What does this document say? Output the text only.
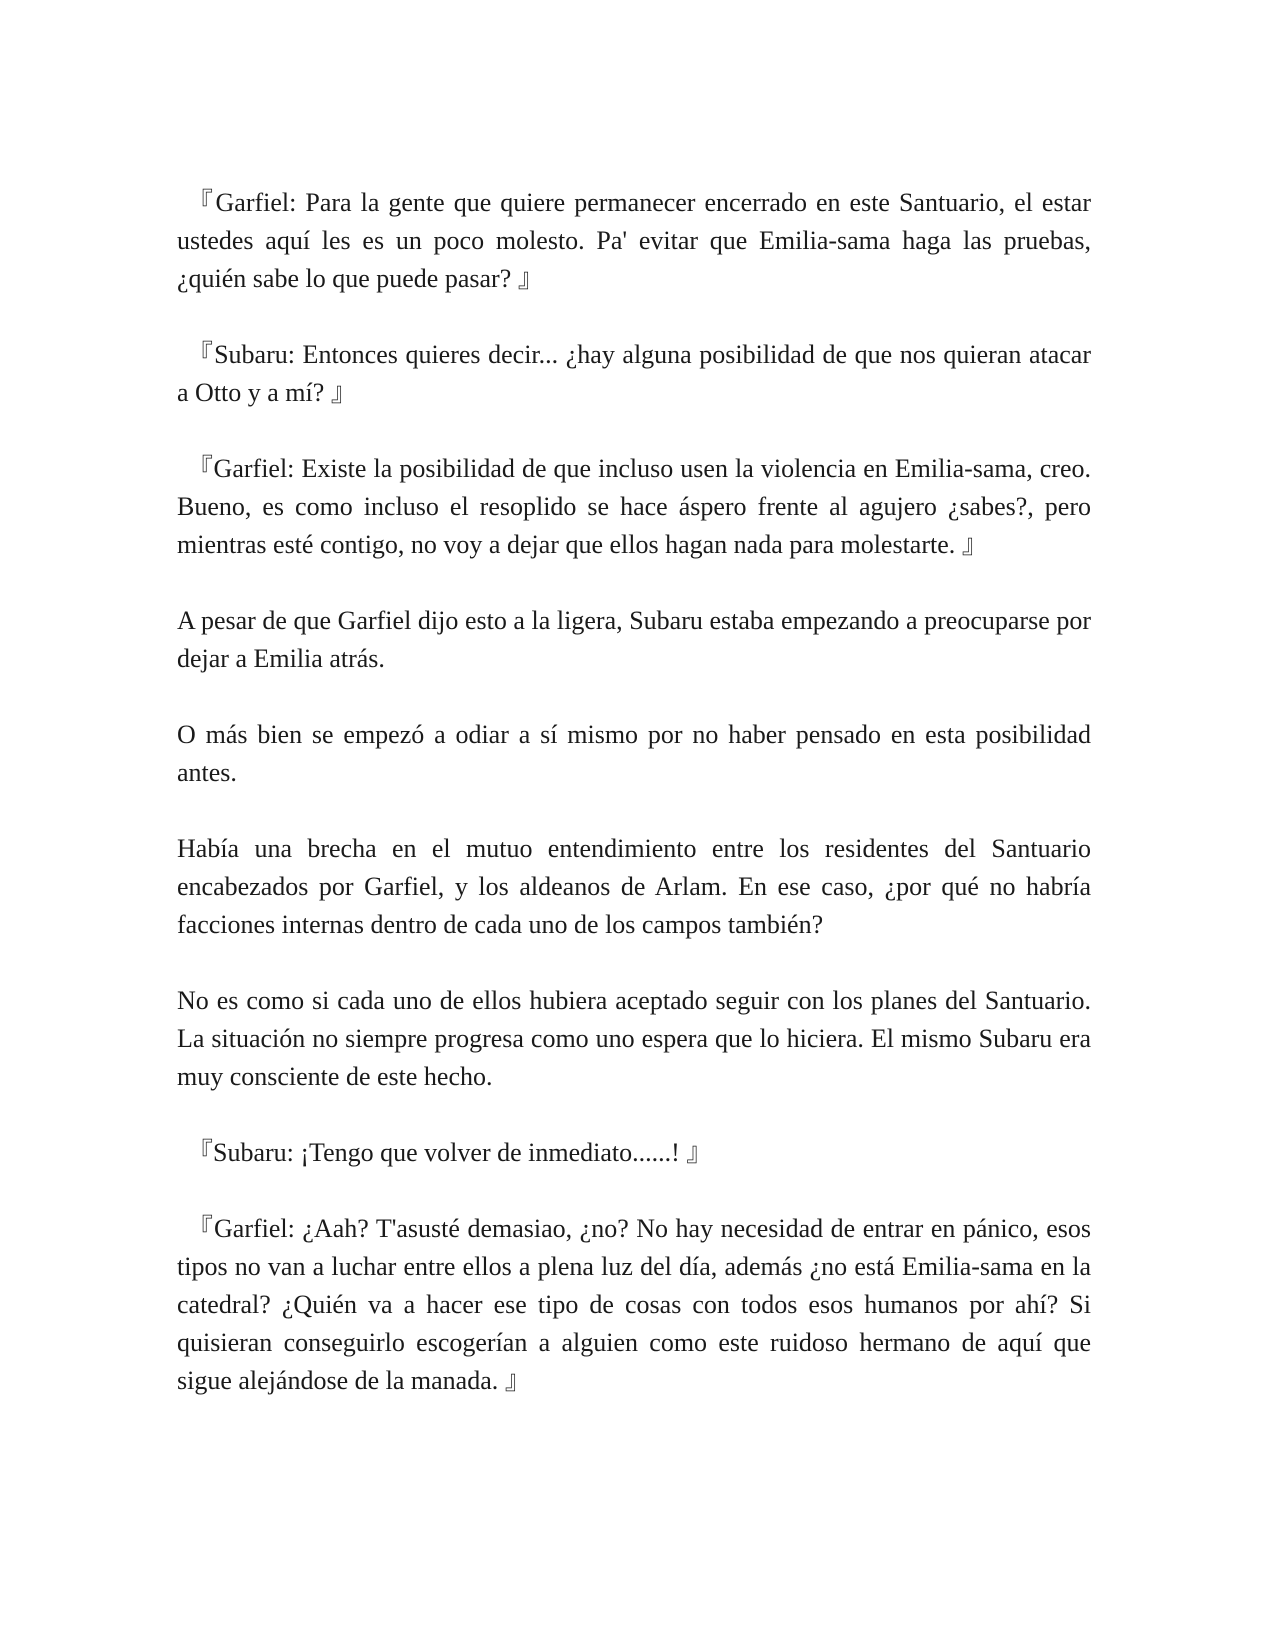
『Garfiel: Para la gente que quiere permanecer encerrado en este Santuario, el estar ustedes aquí les es un poco molesto. Pa' evitar que Emilia-sama haga las pruebas, ¿quién sabe lo que puede pasar? 』

『Subaru: Entonces quieres decir... ¿hay alguna posibilidad de que nos quieran atacar a Otto y a mí? 』

『Garfiel: Existe la posibilidad de que incluso usen la violencia en Emilia-sama, creo. Bueno, es como incluso el resoplido se hace áspero frente al agujero ¿sabes?, pero mientras esté contigo, no voy a dejar que ellos hagan nada para molestarte. 』

A pesar de que Garfiel dijo esto a la ligera, Subaru estaba empezando a preocuparse por dejar a Emilia atrás.

O más bien se empezó a odiar a sí mismo por no haber pensado en esta posibilidad antes.

Había una brecha en el mutuo entendimiento entre los residentes del Santuario encabezados por Garfiel, y los aldeanos de Arlam. En ese caso, ¿por qué no habría facciones internas dentro de cada uno de los campos también?

No es como si cada uno de ellos hubiera aceptado seguir con los planes del Santuario. La situación no siempre progresa como uno espera que lo hiciera. El mismo Subaru era muy consciente de este hecho.

『Subaru: ¡Tengo que volver de inmediato......! 』

『Garfiel: ¿Aah? T'asusté demasiao, ¿no? No hay necesidad de entrar en pánico, esos tipos no van a luchar entre ellos a plena luz del día, además ¿no está Emilia-sama en la catedral? ¿Quién va a hacer ese tipo de cosas con todos esos humanos por ahí? Si quisieran conseguirlo escogerían a alguien como este ruidoso hermano de aquí que sigue alejándose de la manada. 』
